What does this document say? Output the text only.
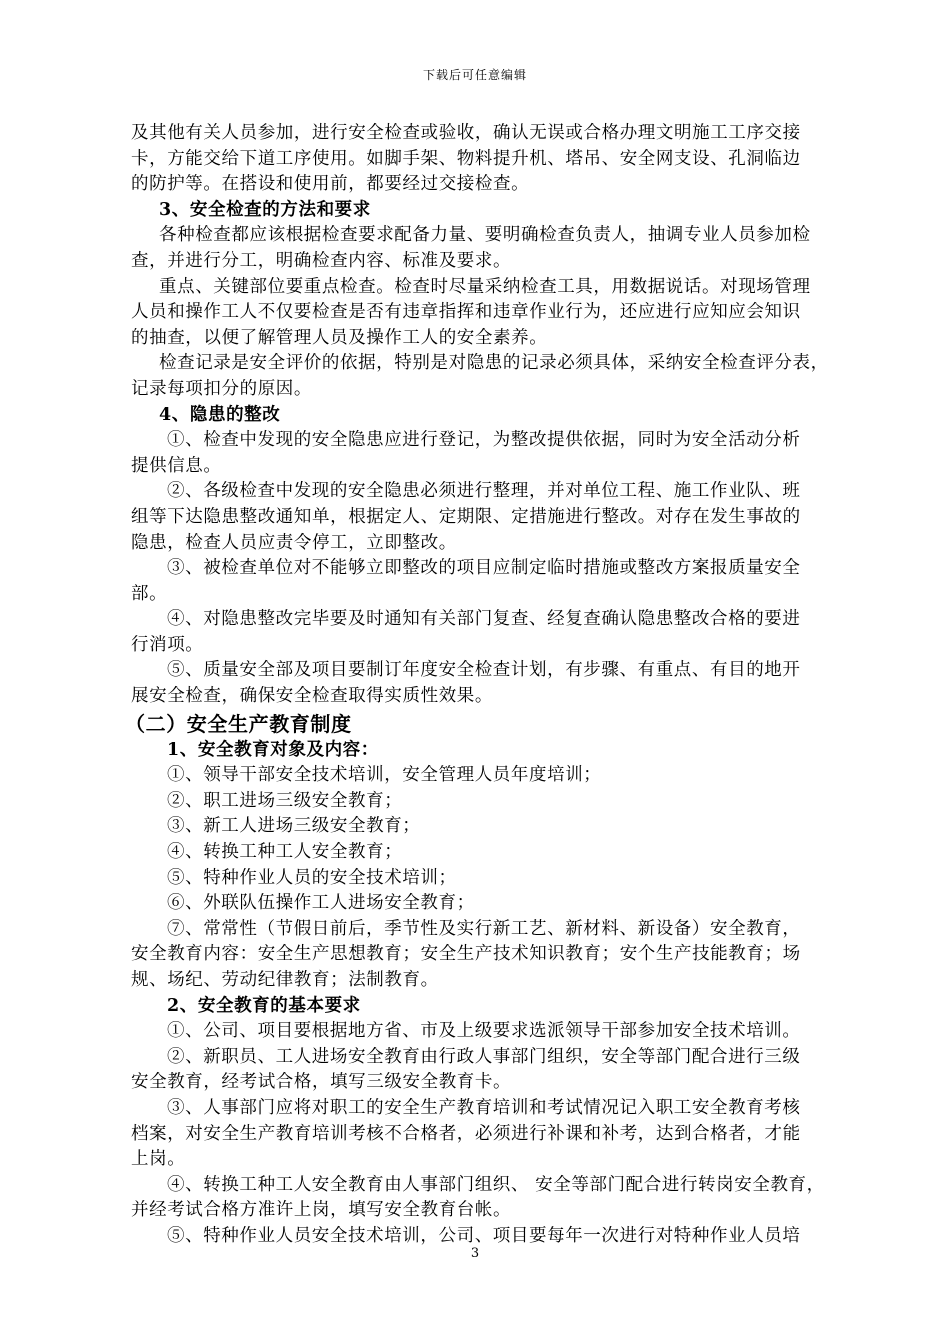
下载后可任意编辑
及其他有关人员参加，进行安全检查或验收，确认无误或合格办理文明施工工序交接
卡，方能交给下道工序使用。如脚手架、物料提升机、塔吊、安全网支设、孔洞临边
的防护等。在搭设和使用前，都要经过交接检查。
3、安全检查的方法和要求
各种检查都应该根据检查要求配备力量、要明确检查负责人，抽调专业人员参加检
查，并进行分工，明确检查内容、标准及要求。
重点、关键部位要重点检查。检查时尽量采纳检查工具，用数据说话。对现场管理
人员和操作工人不仅要检查是否有违章指挥和违章作业行为，还应进行应知应会知识
的抽查，以便了解管理人员及操作工人的安全素养。
检查记录是安全评价的依据，特别是对隐患的记录必须具体，采纳安全检查评分表，
记录每项扣分的原因。
4、隐患的整改
①、检查中发现的安全隐患应进行登记，为整改提供依据，同时为安全活动分析
提供信息。
②、各级检查中发现的安全隐患必须进行整理，并对单位工程、施工作业队、班
组等下达隐患整改通知单，根据定人、定期限、定措施进行整改。对存在发生事故的
隐患，检查人员应责令停工，立即整改。
③、被检查单位对不能够立即整改的项目应制定临时措施或整改方案报质量安全
部。
④、对隐患整改完毕要及时通知有关部门复查、经复查确认隐患整改合格的要进
行消项。
⑤、质量安全部及项目要制订年度安全检查计划，有步骤、有重点、有目的地开
展安全检查，确保安全检查取得实质性效果。
（二）安全生产教育制度
1、安全教育对象及内容：
①、领导干部安全技术培训，安全管理人员年度培训；
②、职工进场三级安全教育；
③、新工人进场三级安全教育；
④、转换工种工人安全教育；
⑤、特种作业人员的安全技术培训；
⑥、外联队伍操作工人进场安全教育；
⑦、常常性（节假日前后，季节性及实行新工艺、新材料、新设备）安全教育，
安全教育内容：安全生产思想教育；安全生产技术知识教育；安个生产技能教育；场
规、场纪、劳动纪律教育；法制教育。
2、安全教育的基本要求
①、公司、项目要根据地方省、市及上级要求选派领导干部参加安全技术培训。
②、新职员、工人进场安全教育由行政人事部门组织，安全等部门配合进行三级
安全教育，经考试合格，填写三级安全教育卡。
③、人事部门应将对职工的安全生产教育培训和考试情况记入职工安全教育考核
档案，对安全生产教育培训考核不合格者，必须进行补课和补考，达到合格者，才能
上岗。
④、转换工种工人安全教育由人事部门组织、 安全等部门配合进行转岗安全教育，
并经考试合格方准许上岗，填写安全教育台帐。
⑤、特种作业人员安全技术培训，公司、项目要每年一次进行对特种作业人员培
3
